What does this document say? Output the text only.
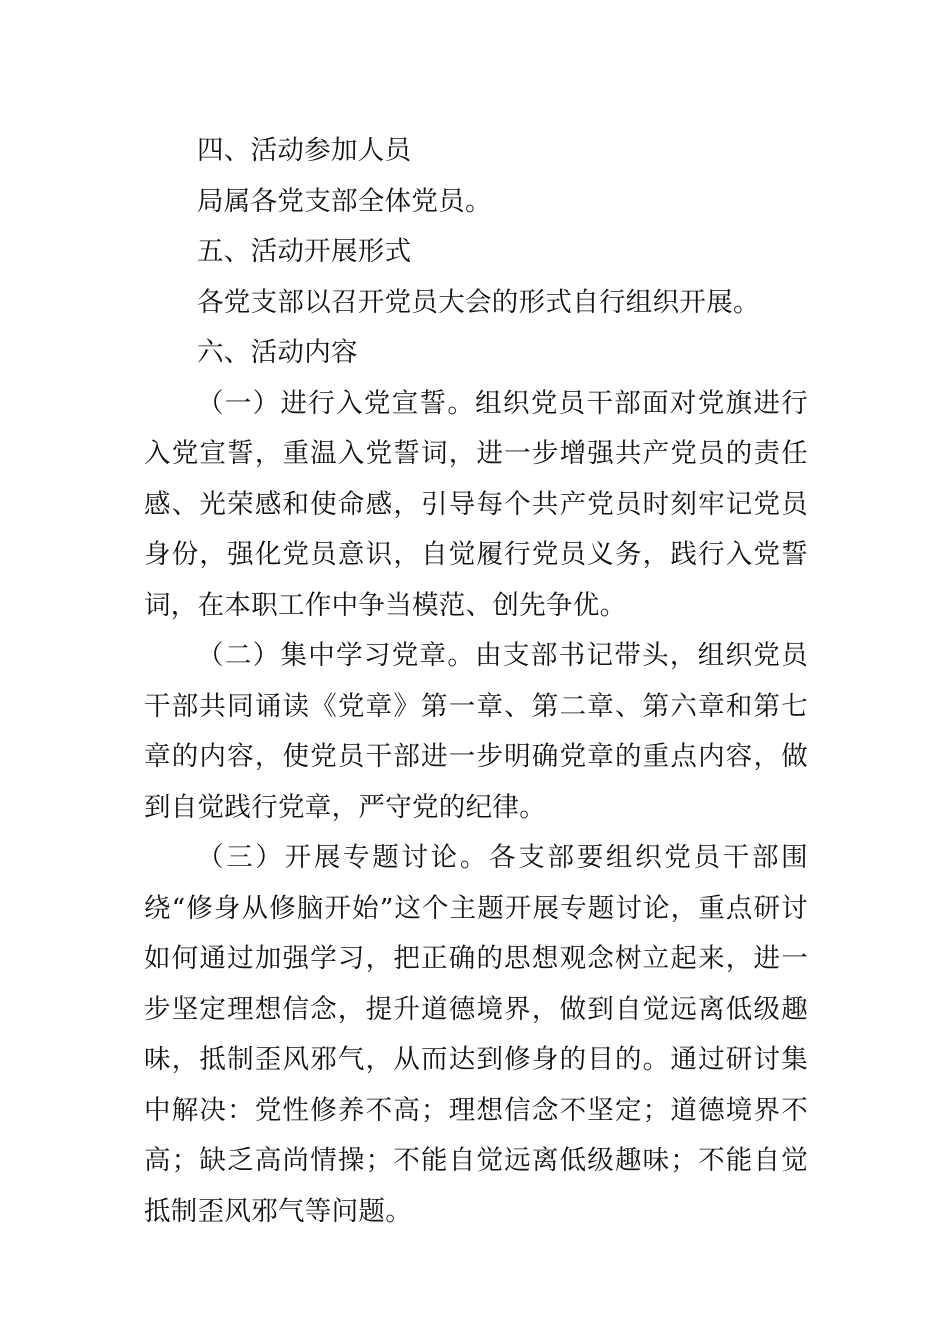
四、活动参加人员

局属各党支部全体党员。

五、活动开展形式

各党支部以召开党员大会的形式自行组织开展。

六、活动内容

（一）进行入党宣誓。组织党员干部面对党旗进行入党宣誓，重温入党誓词，进一步增强共产党员的责任感、光荣感和使命感，引导每个共产党员时刻牢记党员身份，强化党员意识，自觉履行党员义务，践行入党誓词，在本职工作中争当模范、创先争优。

（二）集中学习党章。由支部书记带头，组织党员干部共同诵读《党章》第一章、第二章、第六章和第七章的内容，使党员干部进一步明确党章的重点内容，做到自觉践行党章，严守党的纪律。

（三）开展专题讨论。各支部要组织党员干部围绕“修身从修脑开始”这个主题开展专题讨论，重点研讨如何通过加强学习，把正确的思想观念树立起来，进一步坚定理想信念，提升道德境界，做到自觉远离低级趣味，抵制歪风邪气，从而达到修身的目的。通过研讨集中解决：党性修养不高；理想信念不坚定；道德境界不高；缺乏高尚情操；不能自觉远离低级趣味；不能自觉抵制歪风邪气等问题。
